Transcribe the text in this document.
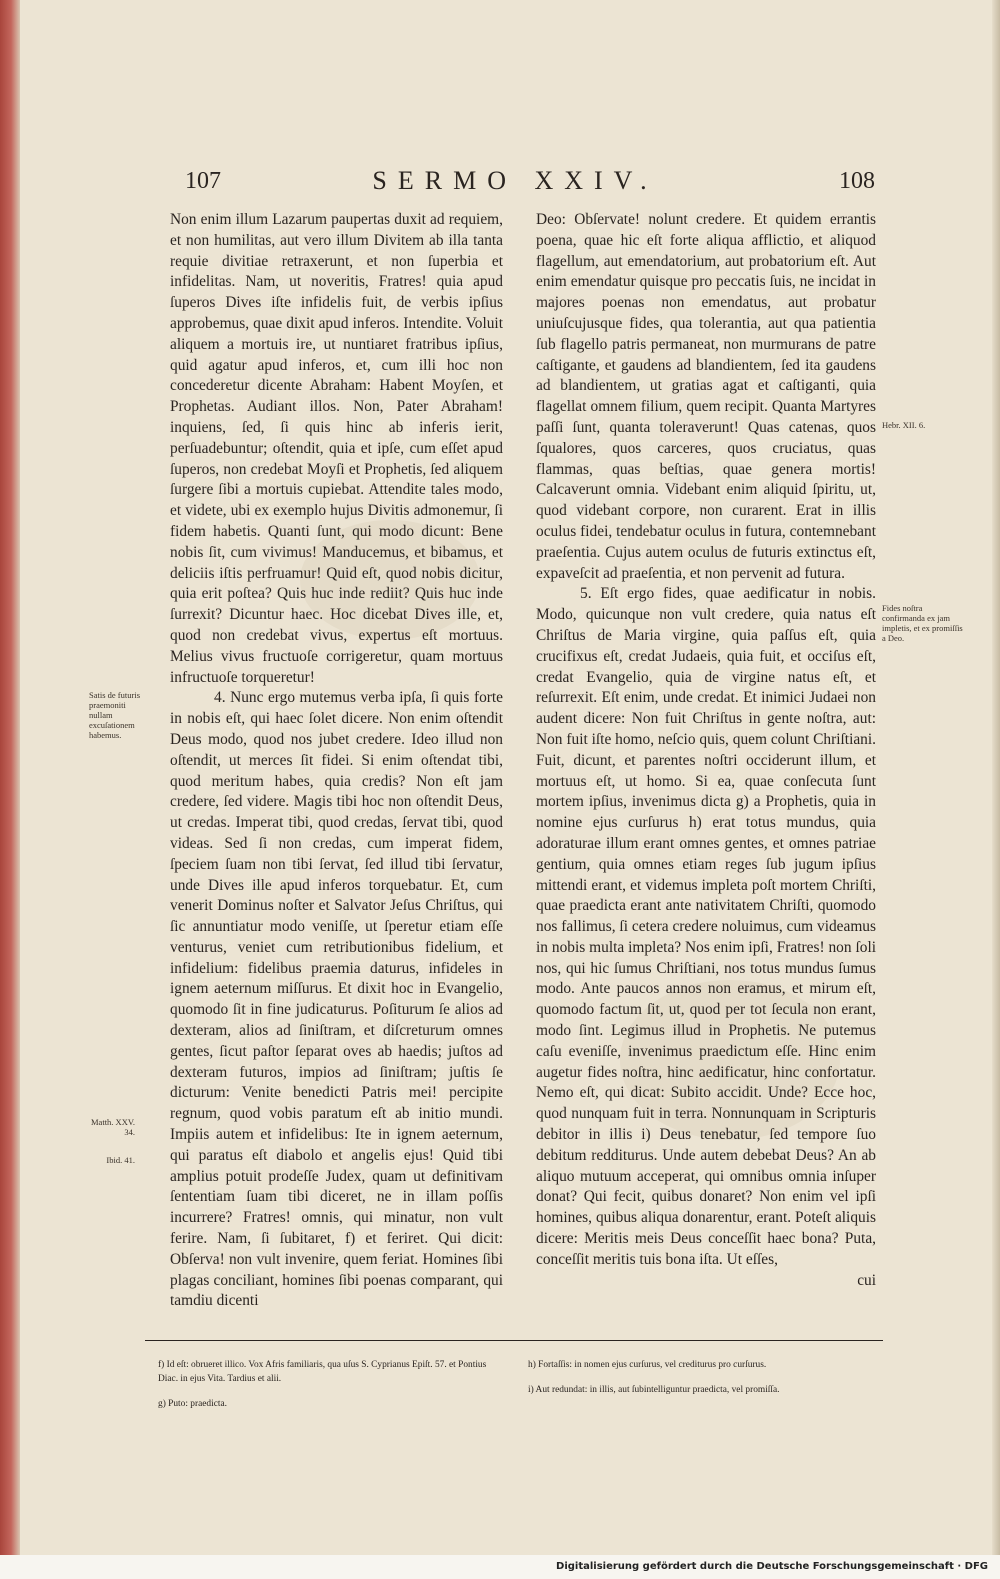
107	SERMO XXIV.	108

Non enim illum Lazarum paupertas duxit ad requiem, et non humilitas, aut vero illum Divitem ab illa tanta requie divitiae retraxerunt, et non ſuperbia et infidelitas. Nam, ut noveritis, Fratres! quia apud ſuperos Dives iſte infidelis fuit, de verbis ipſius approbemus, quae dixit apud inferos. Intendite. Voluit aliquem a mortuis ire, ut nuntiaret fratribus ipſius, quid agatur apud inferos, et, cum illi hoc non concederetur dicente Abraham: Habent Moyſen, et Prophetas. Audiant illos. Non, Pater Abraham! inquiens, ſed, ſi quis hinc ab inferis ierit, perſuadebuntur; oſtendit, quia et ipſe, cum eſſet apud ſuperos, non credebat Moyſi et Prophetis, ſed aliquem ſurgere ſibi a mortuis cupiebat. Attendite tales modo, et videte, ubi ex exemplo hujus Divitis admonemur, ſi fidem habetis. Quanti ſunt, qui modo dicunt: Bene nobis ſit, cum vivimus! Manducemus, et bibamus, et deliciis iſtis perfruamur! Quid eſt, quod nobis dicitur, quia erit poſtea? Quis huc inde rediit? Quis huc inde ſurrexit? Dicuntur haec. Hoc dicebat Dives ille, et, quod non credebat vivus, expertus eſt mortuus. Melius vivus fructuoſe corrigeretur, quam mortuus infructuoſe torqueretur!

4. Nunc ergo mutemus verba ipſa, ſi quis forte in nobis eſt, qui haec ſolet dicere. Non enim oſtendit Deus modo, quod nos jubet credere. Ideo illud non oſtendit, ut merces ſit fidei. Si enim oſtendat tibi, quod meritum habes, quia credis? Non eſt jam credere, ſed videre. Magis tibi hoc non oſtendit Deus, ut credas. Imperat tibi, quod credas, ſervat tibi, quod videas. Sed ſi non credas, cum imperat fidem, ſpeciem ſuam non tibi ſervat, ſed illud tibi ſervatur, unde Dives ille apud inferos torquebatur. Et, cum venerit Dominus noſter et Salvator Jeſus Chriſtus, qui ſic annuntiatur modo veniſſe, ut ſperetur etiam eſſe venturus, veniet cum retributionibus fidelium, et infidelium: fidelibus praemia daturus, infideles in ignem aeternum miſſurus. Et dixit hoc in Evangelio, quomodo ſit in fine judicaturus. Poſiturum ſe alios ad dexteram, alios ad ſiniſtram, et diſcreturum omnes gentes, ſicut paſtor ſeparat oves ab haedis; juſtos ad dexteram futuros, impios ad ſiniſtram; juſtis ſe dicturum: Venite benedicti Patris mei! percipite regnum, quod vobis paratum eſt ab initio mundi. Impiis autem et infidelibus: Ite in ignem aeternum, qui paratus eſt diabolo et angelis ejus! Quid tibi amplius potuit prodeſſe Judex, quam ut definitivam ſententiam ſuam tibi diceret, ne in illam poſſis incurrere? Fratres! omnis, qui minatur, non vult ferire. Nam, ſi ſubitaret, f) et feriret. Qui dicit: Obſerva! non vult invenire, quem feriat. Homines ſibi plagas conciliant, homines ſibi poenas comparant, qui tamdiu dicenti

Deo: Obſervate! nolunt credere. Et quidem errantis poena, quae hic eſt forte aliqua afflictio, et aliquod flagellum, aut emendatorium, aut probatorium eſt. Aut enim emendatur quisque pro peccatis ſuis, ne incidat in majores poenas non emendatus, aut probatur uniuſcujusque fides, qua tolerantia, aut qua patientia ſub flagello patris permaneat, non murmurans de patre caſtigante, et gaudens ad blandientem, ſed ita gaudens ad blandientem, ut gratias agat et caſtiganti, quia flagellat omnem filium, quem recipit. Quanta Martyres paſſi ſunt, quanta toleraverunt! Quas catenas, quos ſqualores, quos carceres, quos cruciatus, quas flammas, quas beſtias, quae genera mortis! Calcaverunt omnia. Videbant enim aliquid ſpiritu, ut, quod videbant corpore, non curarent. Erat in illis oculus fidei, tendebatur oculus in futura, contemnebant praeſentia. Cujus autem oculus de futuris extinctus eſt, expaveſcit ad praeſentia, et non pervenit ad futura.

5. Eſt ergo fides, quae aedificatur in nobis. Modo, quicunque non vult credere, quia natus eſt Chriſtus de Maria virgine, quia paſſus eſt, quia crucifixus eſt, credat Judaeis, quia fuit, et occiſus eſt, credat Evangelio, quia de virgine natus eſt, et reſurrexit. Eſt enim, unde credat. Et inimici Judaei non audent dicere: Non fuit Chriſtus in gente noſtra, aut: Non fuit iſte homo, neſcio quis, quem colunt Chriſtiani. Fuit, dicunt, et parentes noſtri occiderunt illum, et mortuus eſt, ut homo. Si ea, quae conſecuta ſunt mortem ipſius, invenimus dicta g) a Prophetis, quia in nomine ejus curſurus h) erat totus mundus, quia adoraturae illum erant omnes gentes, et omnes patriae gentium, quia omnes etiam reges ſub jugum ipſius mittendi erant, et videmus impleta poſt mortem Chriſti, quae praedicta erant ante nativitatem Chriſti, quomodo nos fallimus, ſi cetera credere noluimus, cum videamus in nobis multa impleta? Nos enim ipſi, Fratres! non ſoli nos, qui hic ſumus Chriſtiani, nos totus mundus ſumus modo. Ante paucos annos non eramus, et mirum eſt, quomodo factum ſit, ut, quod per tot ſecula non erant, modo ſint. Legimus illud in Prophetis. Ne putemus caſu eveniſſe, invenimus praedictum eſſe. Hinc enim augetur fides noſtra, hinc aedificatur, hinc confortatur. Nemo eſt, qui dicat: Subito accidit. Unde? Ecce hoc, quod nunquam fuit in terra. Nonnunquam in Scripturis debitor in illis i) Deus tenebatur, ſed tempore ſuo debitum redditurus. Unde autem debebat Deus? An ab aliquo mutuum acceperat, qui omnibus omnia inſuper donat? Qui fecit, quibus donaret? Non enim vel ipſi homines, quibus aliqua donarentur, erant. Poteſt aliquis dicere: Meritis meis Deus conceſſit haec bona? Puta, conceſſit meritis tuis bona iſta. Ut eſſes,

cui

Satis de futuris praemoniti nullam excuſationem habemus.
Matth. XXV. 34.
Ibid. 41.
Hebr. XII. 6.
Fides noſtra confirmanda ex jam impletis, et ex promiſſis a Deo.

f) Id eſt: obrueret illico. Vox Afris familiaris, qua uſus S. Cyprianus Epiſt. 57. et Pontius Diac. in ejus Vita. Tardius et alii.

g) Puto: praedicta.

h) Fortaſſis: in nomen ejus curſurus, vel crediturus pro curſurus.

i) Aut redundat: in illis, aut ſubintelliguntur praedicta, vel promiſſa.

Digitalisierung gefördert durch die Deutsche Forschungsgemeinschaft · DFG
